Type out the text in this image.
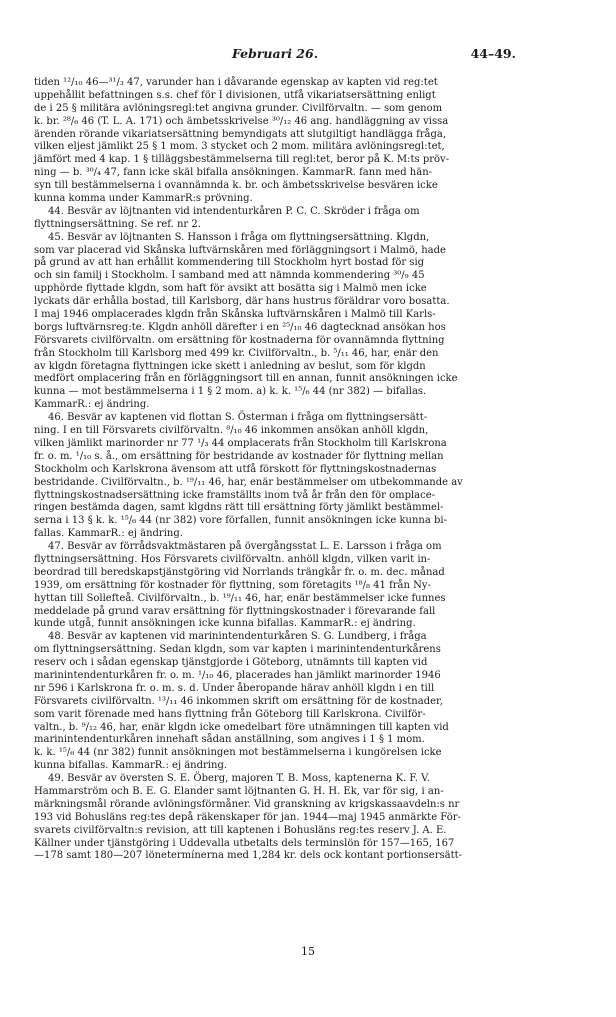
Februari 26.	44–49.
tiden ¹²/₁₀ 46—³¹/₃ 47, varunder han i dåvarande egenskap av kapten vid reg:tet
uppehållit befattningen s.s. chef för I divisionen, utfå vikariatsersättning enligt
de i 25 § militära avlöningsregl:tet angivna grunder. Civilförvaltn. — som genom
k. br. ²⁸/₆ 46 (T. L. A. 171) och ämbetsskrivelse ³⁰/₁₂ 46 ang. handläggning av vissa
ärenden rörande vikariatsersättning bemyndigats att slutgiltigt handlägga fråga,
vilken eljest jämlikt 25 § 1 mom. 3 stycket och 2 mom. militära avlöningsregl:tet,
jämfört med 4 kap. 1 § tilläggsbestämmelserna till regl:tet, beror på K. M:ts pröv-
ning — b. ³⁰/₄ 47, fann icke skäl bifalla ansökningen. KammarR. fann med hän-
syn till bestämmelserna i ovannämnda k. br. och ämbetsskrivelse besvären icke
kunna komma under KammarR:s prövning.
44. Besvär av löjtnanten vid intendenturkåren P. C. C. Skröder i fråga om
flyttningsersättning. Se ref. nr 2.
45. Besvär av löjtnanten S. Hansson i fråga om flyttningsersättning. Klgdn,
som var placerad vid Skånska luftvärnskåren med förläggningsort i Malmö, hade
på grund av att han erhållit kommendering till Stockholm hyrt bostad för sig
och sin familj i Stockholm. I samband med att nämnda kommendering ³⁰/₉ 45
upphörde flyttade klgdn, som haft för avsikt att bosätta sig i Malmö men icke
lyckats där erhålla bostad, till Karlsborg, där hans hustrus föräldrar voro bosatta.
I maj 1946 omplacerades klgdn från Skånska luftvärnskåren i Malmö till Karls-
borgs luftvärnsreg:te. Klgdn anhöll därefter i en ²⁵/₁₀ 46 dagtecknad ansökan hos
Försvarets civilförvaltn. om ersättning för kostnaderna för ovannämnda flyttning
från Stockholm till Karlsborg med 499 kr. Civilförvaltn., b. ⁵/₁₁ 46, har, enär den
av klgdn företagna flyttningen icke skett i anledning av beslut, som för klgdn
medfört omplacering från en förläggningsort till en annan, funnit ansökningen icke
kunna — mot bestämmelserna i 1 § 2 mom. a) k. k. ¹⁵/₆ 44 (nr 382) — bifallas.
KammarR.: ej ändring.
46. Besvär av kaptenen vid flottan S. Österman i fråga om flyttningsersätt-
ning. I en till Försvarets civilförvaltn. ⁸/₁₀ 46 inkommen ansökan anhöll klgdn,
vilken jämlikt marinorder nr 77 ¹/₃ 44 omplacerats från Stockholm till Karlskrona
fr. o. m. ¹/₁₀ s. å., om ersättning för bestridande av kostnader för flyttning mellan
Stockholm och Karlskrona ävensom att utfå förskott för flyttningskostnadernas
bestridande. Civilförvaltn., b. ¹⁹/₁₁ 46, har, enär bestämmelser om utbekommande av
flyttningskostnadsersättning icke framställts inom två år från den för omplace-
ringen bestämda dagen, samt klgdns rätt till ersättning förty jämlikt bestämmel-
serna i 13 § k. k. ¹⁵/₆ 44 (nr 382) vore förfallen, funnit ansökningen icke kunna bi-
fallas. KammarR.: ej ändring.
47. Besvär av förrådsvaktmästaren på övergångsstat L. E. Larsson i fråga om
flyttningsersättning. Hos Försvarets civilförvaltn. anhöll klgdn, vilken varit in-
beordrad till beredskapstjänstgöring vid Norrlands trängkår fr. o. m. dec. månad
1939, om ersättning för kostnader för flyttning, som företagits ¹⁸/₈ 41 från Ny-
hyttan till Sollefteå. Civilförvaltn., b. ¹⁹/₁₁ 46, har, enär bestämmelser icke funnes
meddelade på grund varav ersättning för flyttningskostnader i förevarande fall
kunde utgå, funnit ansökningen icke kunna bifallas. KammarR.: ej ändring.
48. Besvär av kaptenen vid marinintendenturkåren S. G. Lundberg, i fråga
om flyttningsersättning. Sedan klgdn, som var kapten i marinintendenturkårens
reserv och i sådan egenskap tjänstgjorde i Göteborg, utnämnts till kapten vid
marinintendenturkåren fr. o. m. ¹/₁₀ 46, placerades han jämlikt marinorder 1946
nr 596 i Karlskrona fr. o. m. s. d. Under åberopande härav anhöll klgdn i en till
Försvarets civilförvaltn. ¹³/₁₁ 46 inkommen skrift om ersättning för de kostnader,
som varit förenade med hans flyttning från Göteborg till Karlskrona. Civilför-
valtn., b. ⁹/₁₂ 46, har, enär klgdn icke omedelbart före utnämningen till kapten vid
marinintendenturkåren innehaft sådan anställning, som angives i 1 § 1 mom.
k. k. ¹⁵/₆ 44 (nr 382) funnit ansökningen mot bestämmelserna i kungörelsen icke
kunna bifallas. KammarR.: ej ändring.
49. Besvär av översten S. E. Öberg, majoren T. B. Moss, kaptenerna K. F. V.
Hammarström och B. E. G. Elander samt löjtnanten G. H. H. Ek, var för sig, i an-
märkningsmål rörande avlöningsförmåner. Vid granskning av krigskassaavdeln:s nr
193 vid Bohusläns reg:tes depå räkenskaper för jan. 1944—maj 1945 anmärkte För-
svarets civilförvaltn:s revision, att till kaptenen i Bohusläns reg:tes reserv J. A. E.
Källner under tjänstgöring i Uddevalla utbetalts dels terminslön för 157—165, 167
—178 samt 180—207 lönetermínerna med 1,284 kr. dels ock kontant portionsersätt-
15
